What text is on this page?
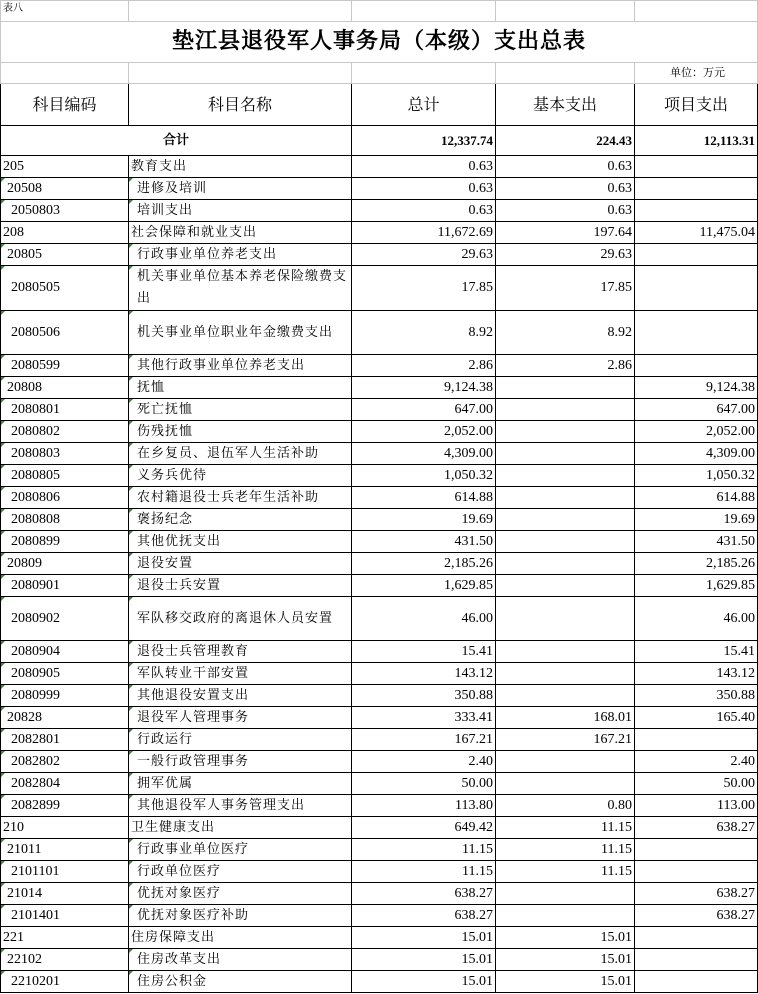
表八				
垫江县退役军人事务局（本级）支出总表				
				单位：万元
科目编码	科目名称	总计	基本支出	项目支出
合计		12,337.74	224.43	12,113.31
205	教育支出	0.63	0.63	
20508	进修及培训	0.63	0.63	
2050803	培训支出	0.63	0.63	
208	社会保障和就业支出	11,672.69	197.64	11,475.04
20805	行政事业单位养老支出	29.63	29.63	
2080505	机关事业单位基本养老保险缴费支出	17.85	17.85	
2080506	机关事业单位职业年金缴费支出	8.92	8.92	
2080599	其他行政事业单位养老支出	2.86	2.86	
20808	抚恤	9,124.38		9,124.38
2080801	死亡抚恤	647.00		647.00
2080802	伤残抚恤	2,052.00		2,052.00
2080803	在乡复员、退伍军人生活补助	4,309.00		4,309.00
2080805	义务兵优待	1,050.32		1,050.32
2080806	农村籍退役士兵老年生活补助	614.88		614.88
2080808	褒扬纪念	19.69		19.69
2080899	其他优抚支出	431.50		431.50
20809	退役安置	2,185.26		2,185.26
2080901	退役士兵安置	1,629.85		1,629.85
2080902	军队移交政府的离退休人员安置	46.00		46.00
2080904	退役士兵管理教育	15.41		15.41
2080905	军队转业干部安置	143.12		143.12
2080999	其他退役安置支出	350.88		350.88
20828	退役军人管理事务	333.41	168.01	165.40
2082801	行政运行	167.21	167.21	
2082802	一般行政管理事务	2.40		2.40
2082804	拥军优属	50.00		50.00
2082899	其他退役军人事务管理支出	113.80	0.80	113.00
210	卫生健康支出	649.42	11.15	638.27
21011	行政事业单位医疗	11.15	11.15	
2101101	行政单位医疗	11.15	11.15	
21014	优抚对象医疗	638.27		638.27
2101401	优抚对象医疗补助	638.27		638.27
221	住房保障支出	15.01	15.01	
22102	住房改革支出	15.01	15.01	
2210201	住房公积金	15.01	15.01	
